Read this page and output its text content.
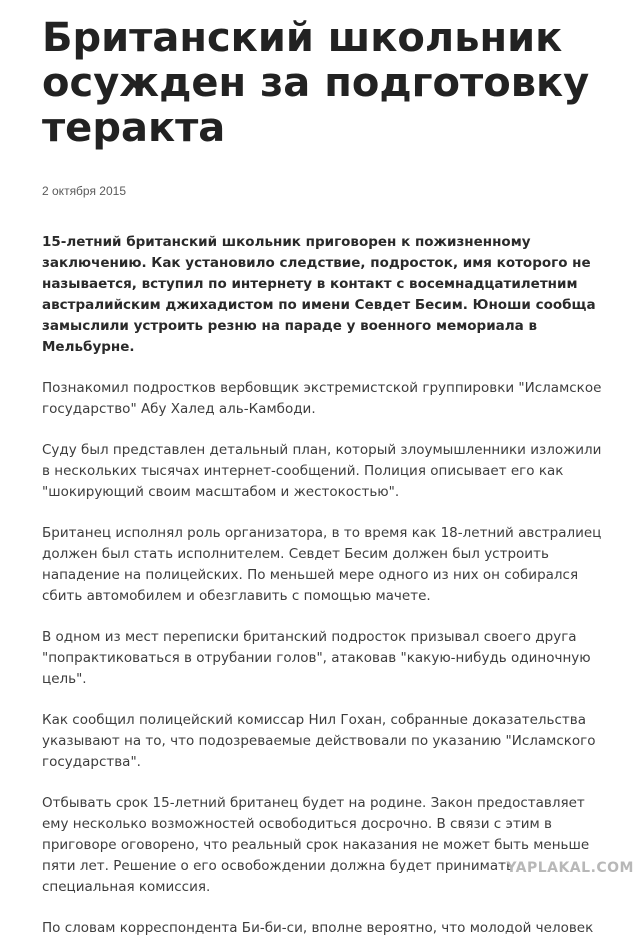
Британский школьник осужден за подготовку теракта
2 октября 2015

15-летний британский школьник приговорен к пожизненному заключению. Как установило следствие, подросток, имя которого не называется, вступил по интернету в контакт с восемнадцатилетним австралийским джихадистом по имени Севдет Бесим. Юноши сообща замыслили устроить резню на параде у военного мемориала в Мельбурне.

Познакомил подростков вербовщик экстремистской группировки "Исламское государство" Абу Халед аль-Камбоди.

Суду был представлен детальный план, который злоумышленники изложили в нескольких тысячах интернет-сообщений. Полиция описывает его как "шокирующий своим масштабом и жестокостью".

Британец исполнял роль организатора, в то время как 18-летний австралиец должен был стать исполнителем. Севдет Бесим должен был устроить нападение на полицейских. По меньшей мере одного из них он собирался сбить автомобилем и обезглавить с помощью мачете.

В одном из мест переписки британский подросток призывал своего друга "попрактиковаться в отрубании голов", атаковав "какую-нибудь одиночную цель".

Как сообщил полицейский комиссар Нил Гохан, собранные доказательства указывают на то, что подозреваемые действовали по указанию "Исламского государства".

Отбывать срок 15-летний британец будет на родине. Закон предоставляет ему несколько возможностей освободиться досрочно. В связи с этим в приговоре оговорено, что реальный срок наказания не может быть меньше пяти лет. Решение о его освобождении должна будет принимать специальная комиссия.

По словам корреспондента Би-би-си, вполне вероятно, что молодой человек

YAPLAKAL.COM
